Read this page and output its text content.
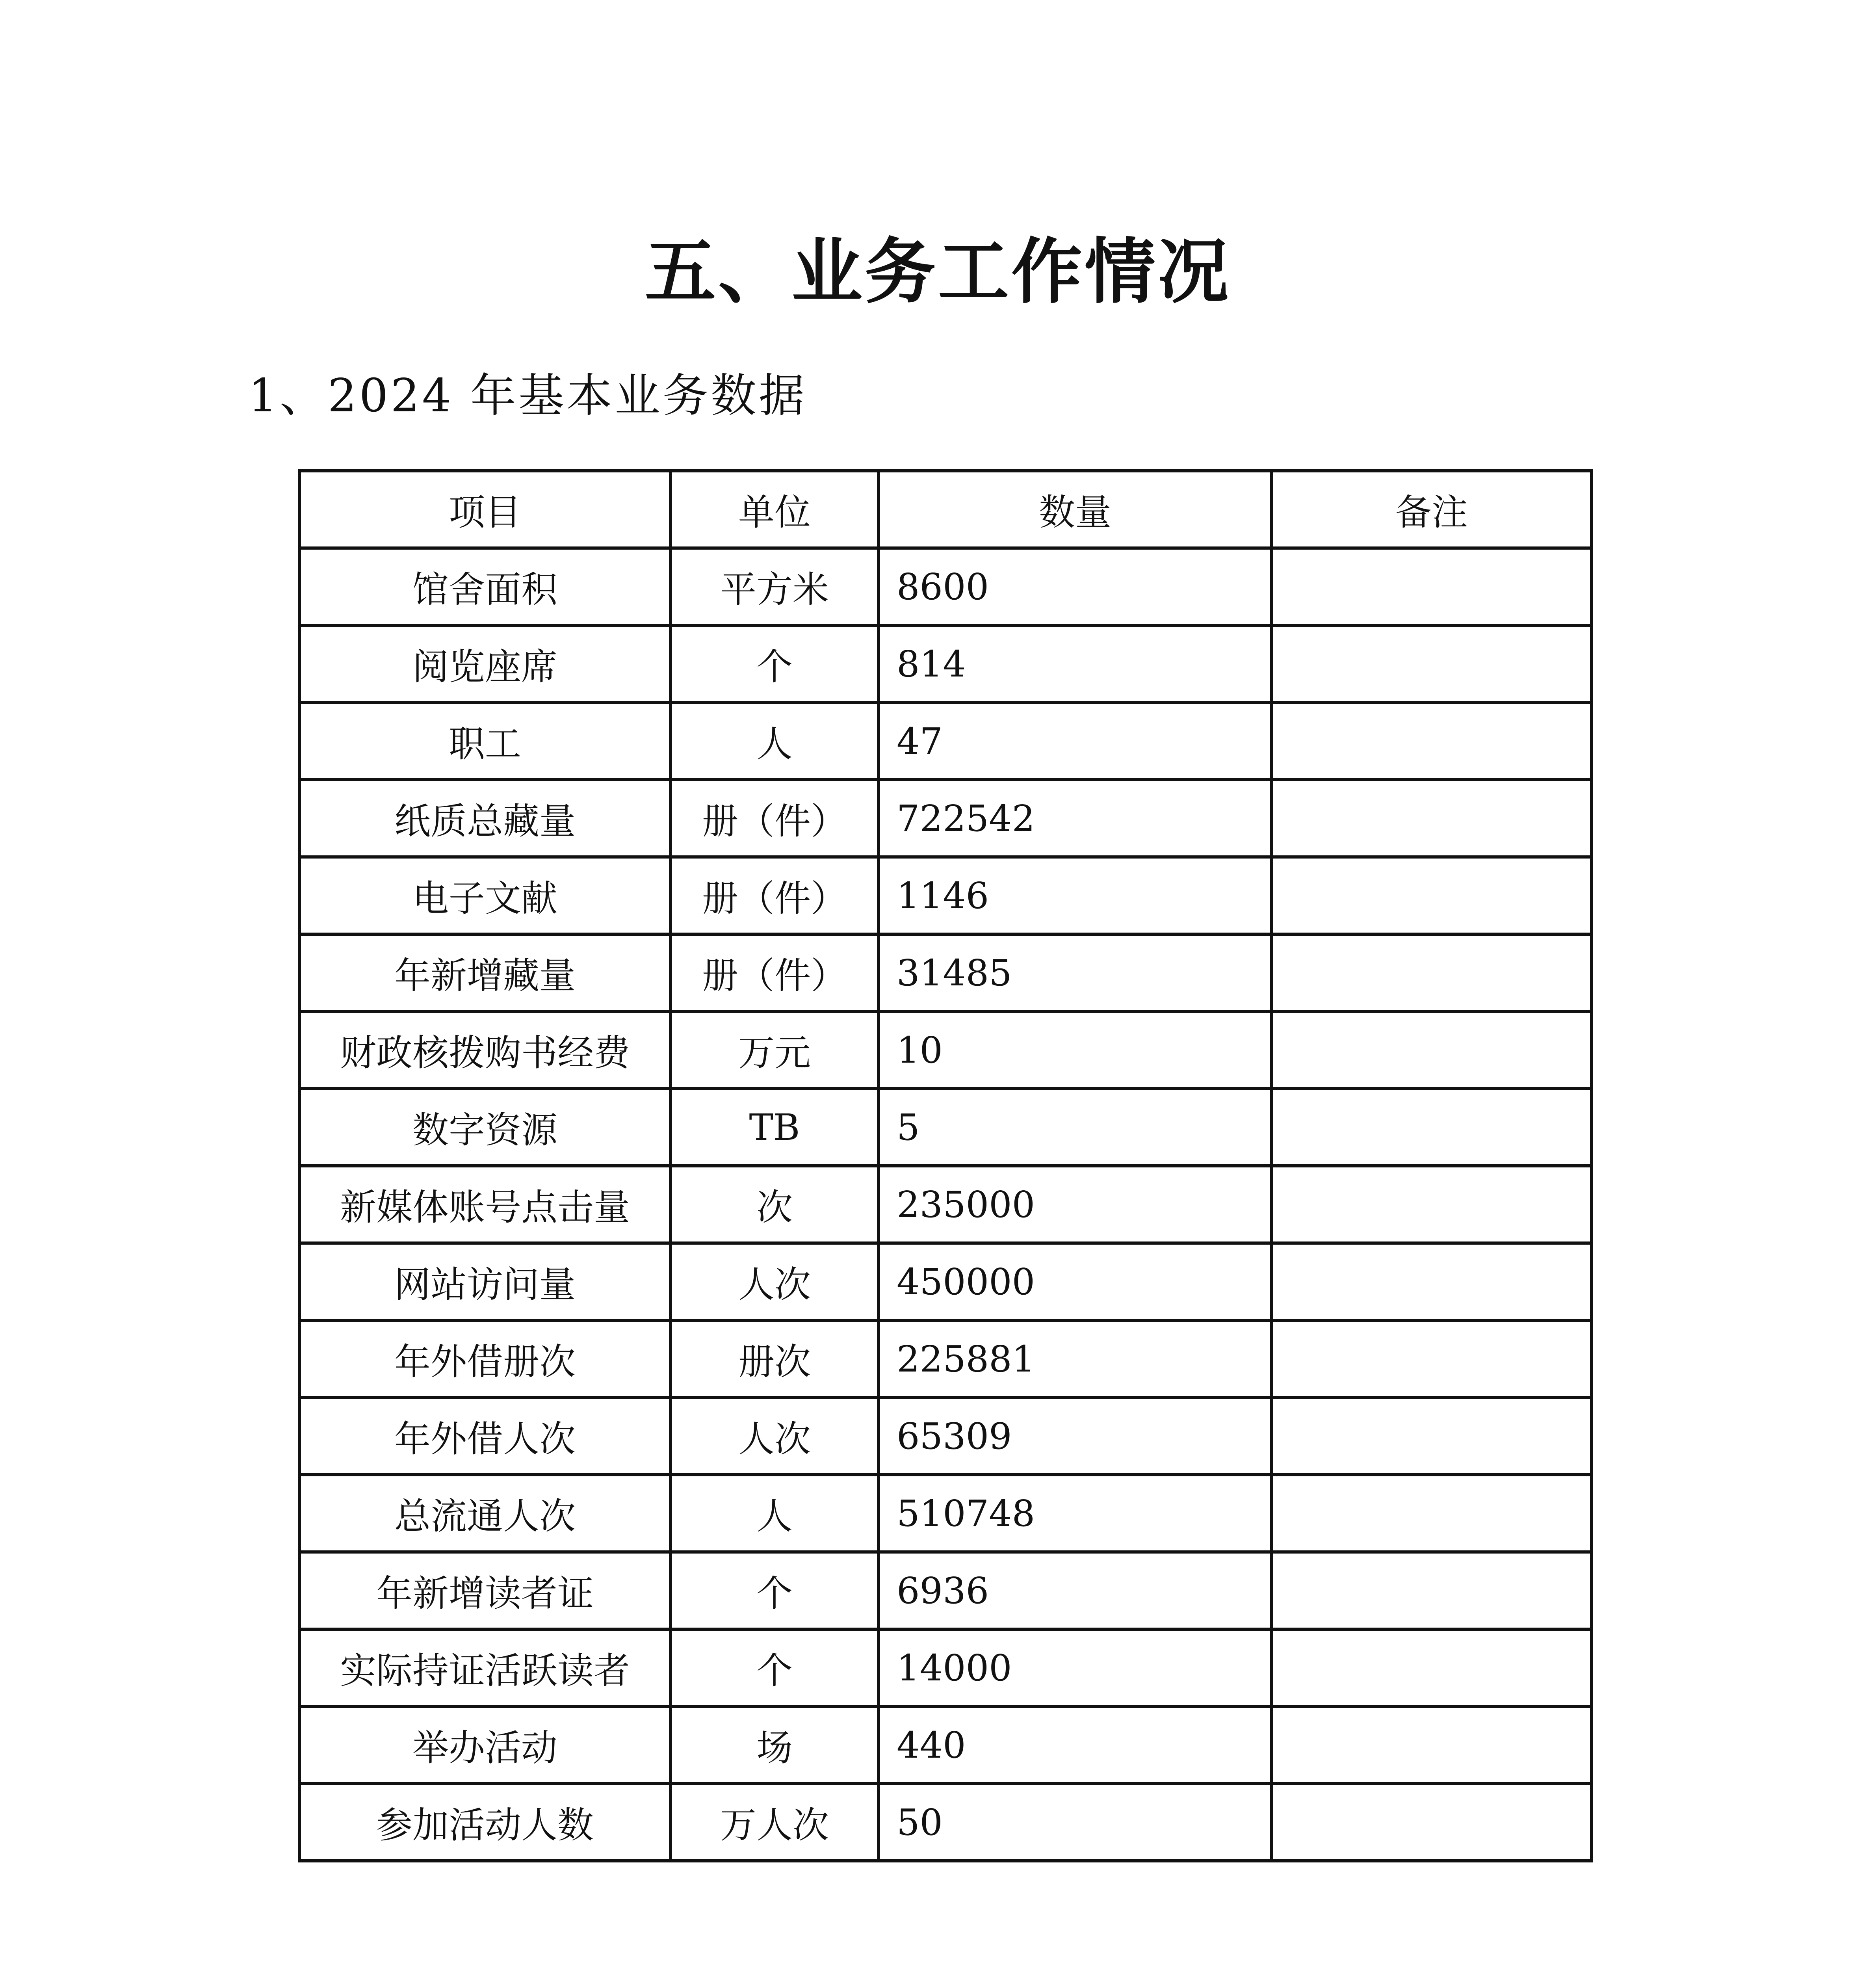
五、业务工作情况
1、2024 年基本业务数据
项目	单位	数量	备注
馆舍面积	平方米	8600	
阅览座席	个	814	
职工	人	47	
纸质总藏量	册（件）	722542	
电子文献	册（件）	1146	
年新增藏量	册（件）	31485	
财政核拨购书经费	万元	10	
数字资源	TB	5	
新媒体账号点击量	次	235000	
网站访问量	人次	450000	
年外借册次	册次	225881	
年外借人次	人次	65309	
总流通人次	人	510748	
年新增读者证	个	6936	
实际持证活跃读者	个	14000	
举办活动	场	440	
参加活动人数	万人次	50	
